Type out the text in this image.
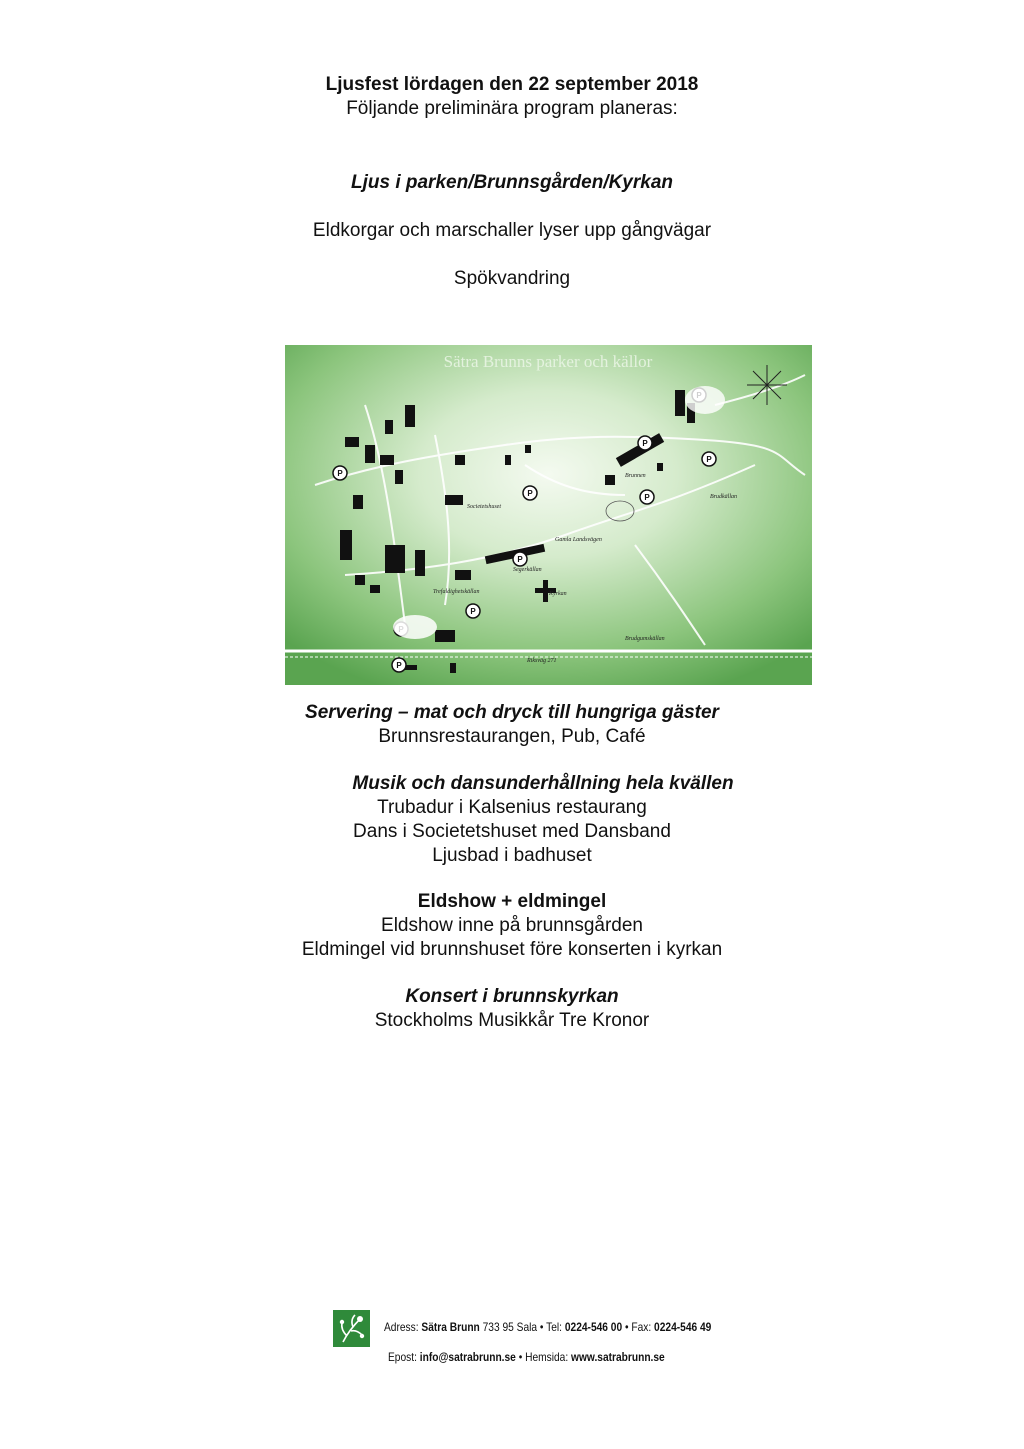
Ljusfest lördagen den 22 september 2018
Följande preliminära program planeras:
Ljus i parken/Brunnsgården/Kyrkan
Eldkorgar och marschaller lyser upp gångvägar
Spökvandring
Sätra Brunns parker och källor
P
P
P
P
P
P
P
P
Kyrkan
Brunnen
Societetshuset
Trefaldighetskällan
Segerkällan
Gamla Landsvägen
Riksväg 271
Brudkällan
Brudgumskällan
Servering – mat och dryck till hungriga gäster
Brunnsrestaurangen, Pub, Café
Musik och dansunderhållning hela kvällen
Trubadur i Kalsenius restaurang
Dans i Societetshuset med Dansband
Ljusbad i badhuset
Eldshow + eldmingel
Eldshow inne på brunnsgården
Eldmingel vid brunnshuset före konserten i kyrkan
Konsert i brunnskyrkan
Stockholms Musikkår Tre Kronor
Adress: Sätra Brunn 733 95 Sala • Tel: 0224-546 00 • Fax: 0224-546 49
Epost: info@satrabrunn.se • Hemsida: www.satrabrunn.se
